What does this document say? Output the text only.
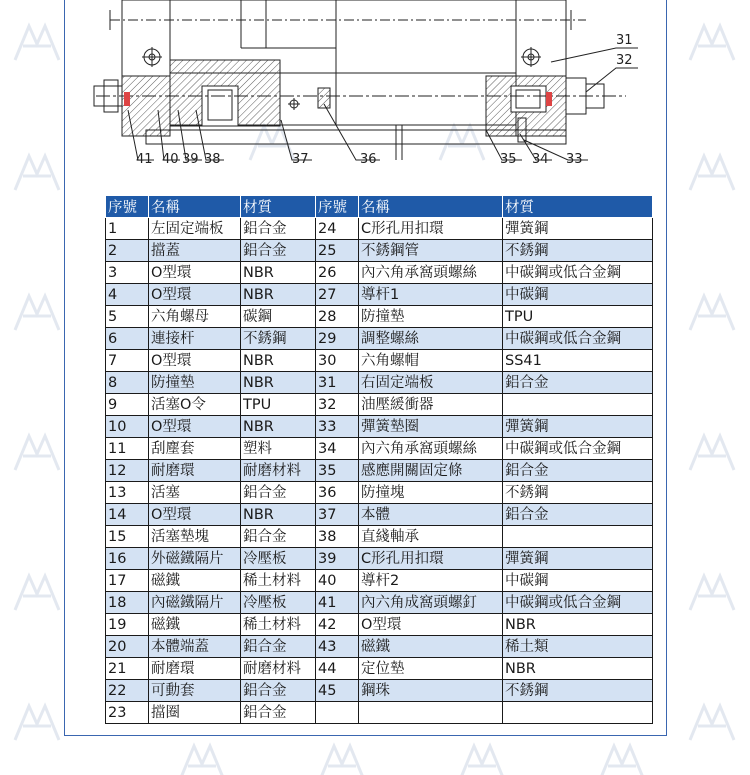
31
32
41 40 39 38	37	36	35 34 33
序號	名稱	材質	序號	名稱	材質
1	左固定端板	鋁合金	24	C形孔用扣環	彈簧鋼
2	擋蓋	鋁合金	25	不銹鋼管	不銹鋼
3	O型環	NBR	26	內六角承窩頭螺絲	中碳鋼或低合金鋼
4	O型環	NBR	27	導杆1	中碳鋼
5	六角螺母	碳鋼	28	防撞墊	TPU
6	連接杆	不銹鋼	29	調整螺絲	中碳鋼或低合金鋼
7	O型環	NBR	30	六角螺帽	SS41
8	防撞墊	NBR	31	右固定端板	鋁合金
9	活塞O令	TPU	32	油壓緩衝器	
10	O型環	NBR	33	彈簧墊圈	彈簧鋼
11	刮塵套	塑料	34	內六角承窩頭螺絲	中碳鋼或低合金鋼
12	耐磨環	耐磨材料	35	感應開關固定條	鋁合金
13	活塞	鋁合金	36	防撞塊	不銹鋼
14	O型環	NBR	37	本體	鋁合金
15	活塞墊塊	鋁合金	38	直綫軸承	
16	外磁鐵隔片	冷壓板	39	C形孔用扣環	彈簧鋼
17	磁鐵	稀土材料	40	導杆2	中碳鋼
18	內磁鐵隔片	冷壓板	41	內六角成窩頭螺釘	中碳鋼或低合金鋼
19	磁鐵	稀土材料	42	O型環	NBR
20	本體端蓋	鋁合金	43	磁鐵	稀土類
21	耐磨環	耐磨材料	44	定位墊	NBR
22	可動套	鋁合金	45	鋼珠	不銹鋼
23	擋圈	鋁合金			
